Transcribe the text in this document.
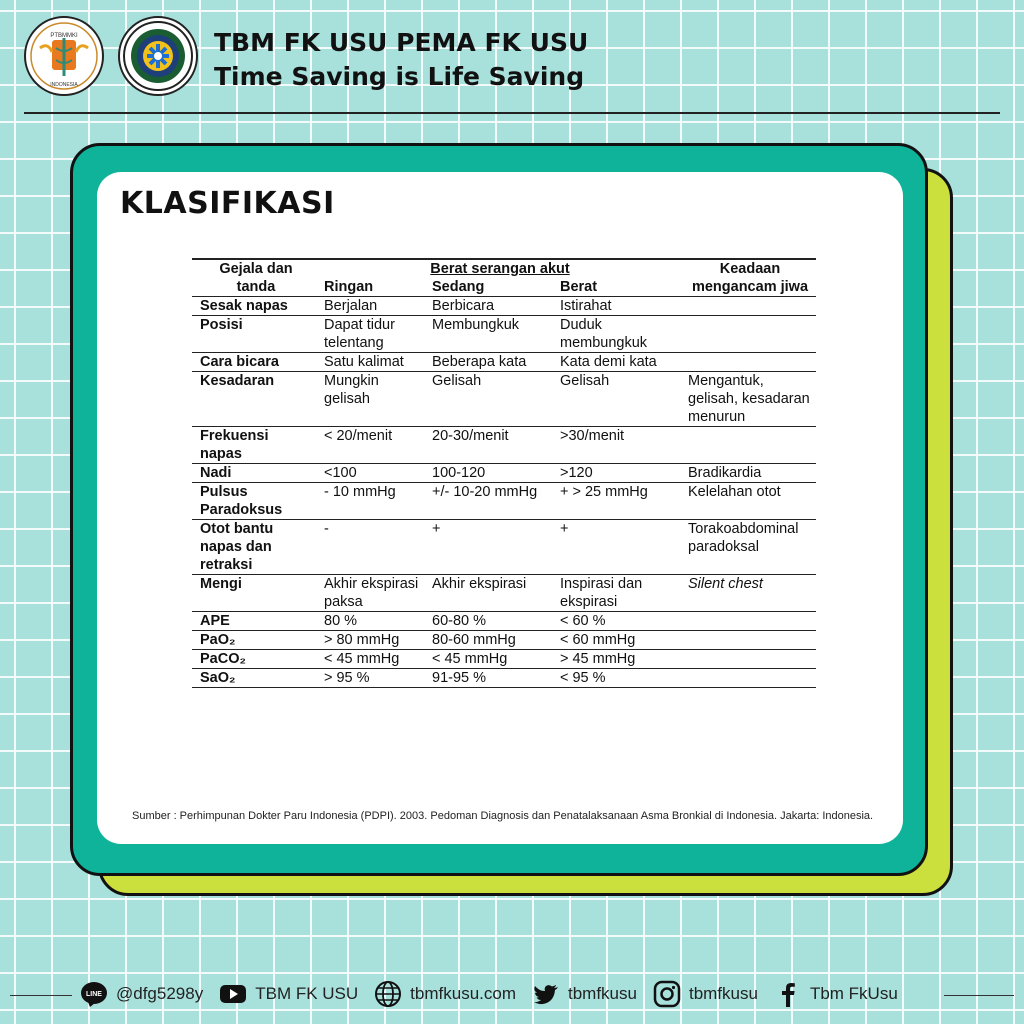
PTBMMKI
INDONESIA
TBM FK USU PEMA FK USU
Time Saving is Life Saving
KLASIFIKASI
Gejala dan tanda	Berat serangan akut			Keadaan mengancam jiwa
	Ringan	Sedang	Berat	
Sesak napas	Berjalan	Berbicara	Istirahat	
Posisi	Dapat tidur telentang	Membungkuk	Duduk membungkuk	
Cara bicara	Satu kalimat	Beberapa kata	Kata demi kata	
Kesadaran	Mungkin gelisah	Gelisah	Gelisah	Mengantuk, gelisah, kesadaran menurun
Frekuensi napas	< 20/menit	20-30/menit	>30/menit	
Nadi	<100	100-120	>120	Bradikardia
Pulsus Paradoksus	- 10 mmHg	+/- 10-20 mmHg	+ > 25 mmHg	Kelelahan otot
Otot bantu napas dan retraksi	-	+	+	Torakoabdominal paradoksal
Mengi	Akhir ekspirasi paksa	Akhir ekspirasi	Inspirasi dan ekspirasi	Silent chest
APE	80 %	60-80 %	< 60 %	
PaO₂	> 80 mmHg	80-60 mmHg	< 60 mmHg	
PaCO₂	< 45 mmHg	< 45 mmHg	> 45 mmHg	
SaO₂	> 95 %	91-95 %	< 95 %	
Sumber : Perhimpunan Dokter Paru Indonesia (PDPI). 2003. Pedoman Diagnosis dan Penatalaksanaan Asma Bronkial di Indonesia. Jakarta: Indonesia.
LINE @dfg5298y	TBM FK USU	tbmfkusu.com	tbmfkusu	tbmfkusu	Tbm FkUsu
